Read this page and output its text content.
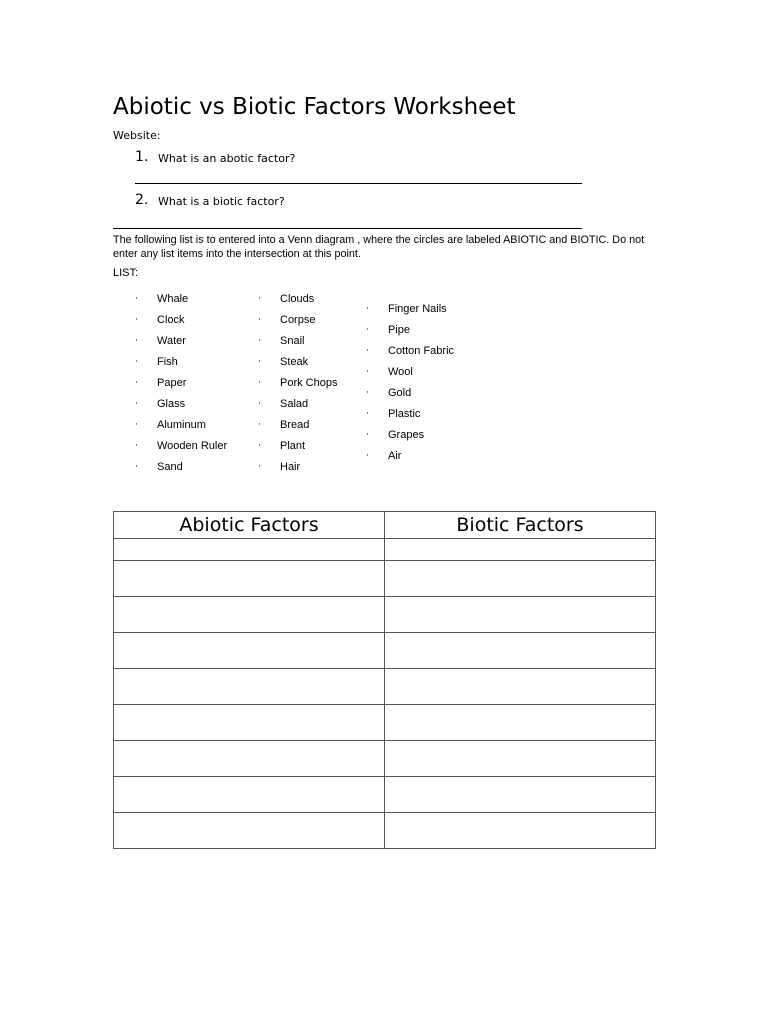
Abiotic vs Biotic Factors Worksheet
Website:
1. What is an abotic factor?
2. What is a biotic factor?
The following list is to entered into a Venn diagram , where the circles are labeled ABIOTIC and BIOTIC. Do not enter any list items into the intersection at this point.
LIST:
· Whale
· Clock
· Water
· Fish
· Paper
· Glass
· Aluminum
· Wooden Ruler
· Sand
· Clouds
· Corpse
· Snail
· Steak
· Pork Chops
· Salad
· Bread
· Plant
· Hair
· Finger Nails
· Pipe
· Cotton Fabric
· Wool
· Gold
· Plastic
· Grapes
· Air
Abiotic Factors	Biotic Factors
